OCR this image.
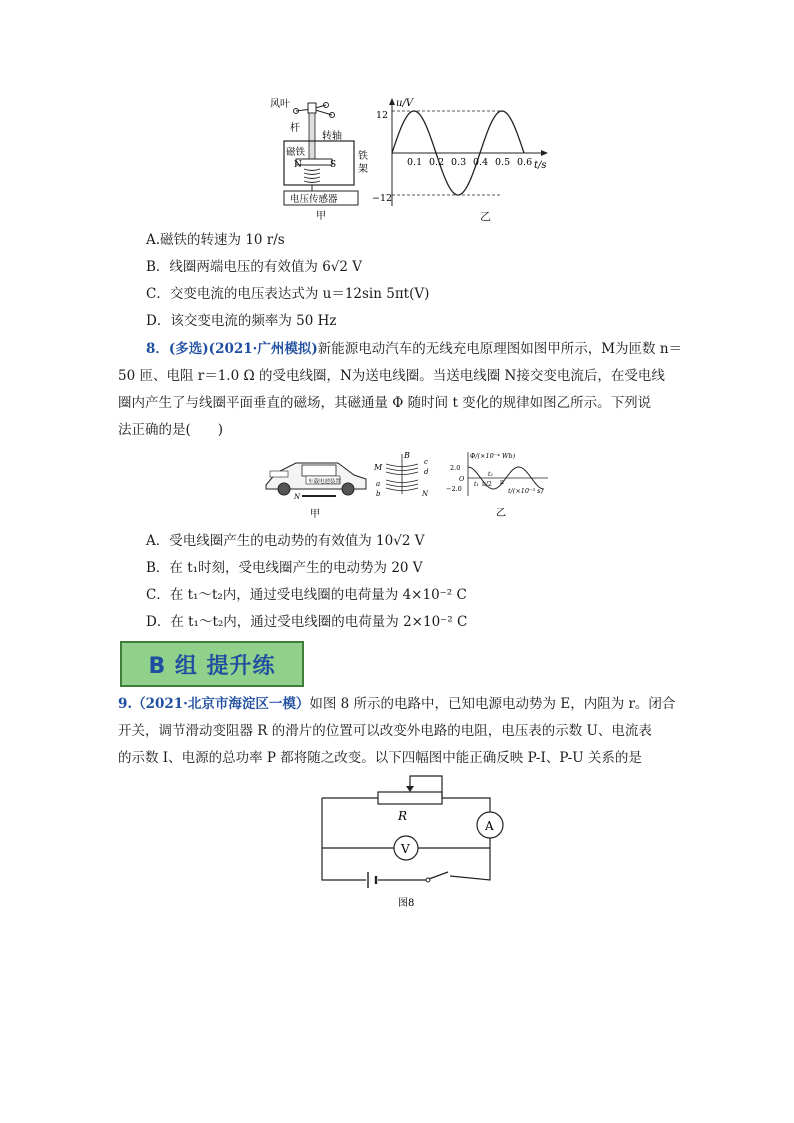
风叶
杆
转轴
磁铁
N	S
铁
架
电压传感器
甲
u/V
t/s
12
−12
0.1 0.2 0.3 0.4 0.5 0.6
乙
A.磁铁的转速为 10 r/s
B．线圈两端电压的有效值为 6√2 V
C．交变电流的电压表达式为 u＝12sin 5πt(V)
D．该交变电流的频率为 50 Hz
8．(多选)(2021·广州模拟)新能源电动汽车的无线充电原理图如图甲所示，M为匝数 n＝
50 匝、电阻 r＝1.0 Ω 的受电线圈，N为送电线圈。当送电线圈 N接交变电流后，在受电线
圈内产生了与线圈平面垂直的磁场，其磁通量 Φ 随时间 t 变化的规律如图乙所示。下列说
法正确的是(　　)
车载电池装置
N
甲
M
B
c
d
a
b	N
Φ/(×10⁻⁴ Wb)
t/(×10⁻³ s)
2.0
−2.0
O
t₁
t₂
π/2 π
乙
A．受电线圈产生的电动势的有效值为 10√2 V
B．在 t₁时刻，受电线圈产生的电动势为 20 V
C．在 t₁～t₂内，通过受电线圈的电荷量为 4×10⁻² C
D．在 t₁～t₂内，通过受电线圈的电荷量为 2×10⁻² C
B 组 提升练
9.（2021·北京市海淀区一模）如图 8 所示的电路中，已知电源电动势为 E，内阻为 r。闭合
开关，调节滑动变阻器 R 的滑片的位置可以改变外电路的电阻，电压表的示数 U、电流表
的示数 I、电源的总功率 P 都将随之改变。以下四幅图中能正确反映 P-I、P-U 关系的是
R
A
V
图8
